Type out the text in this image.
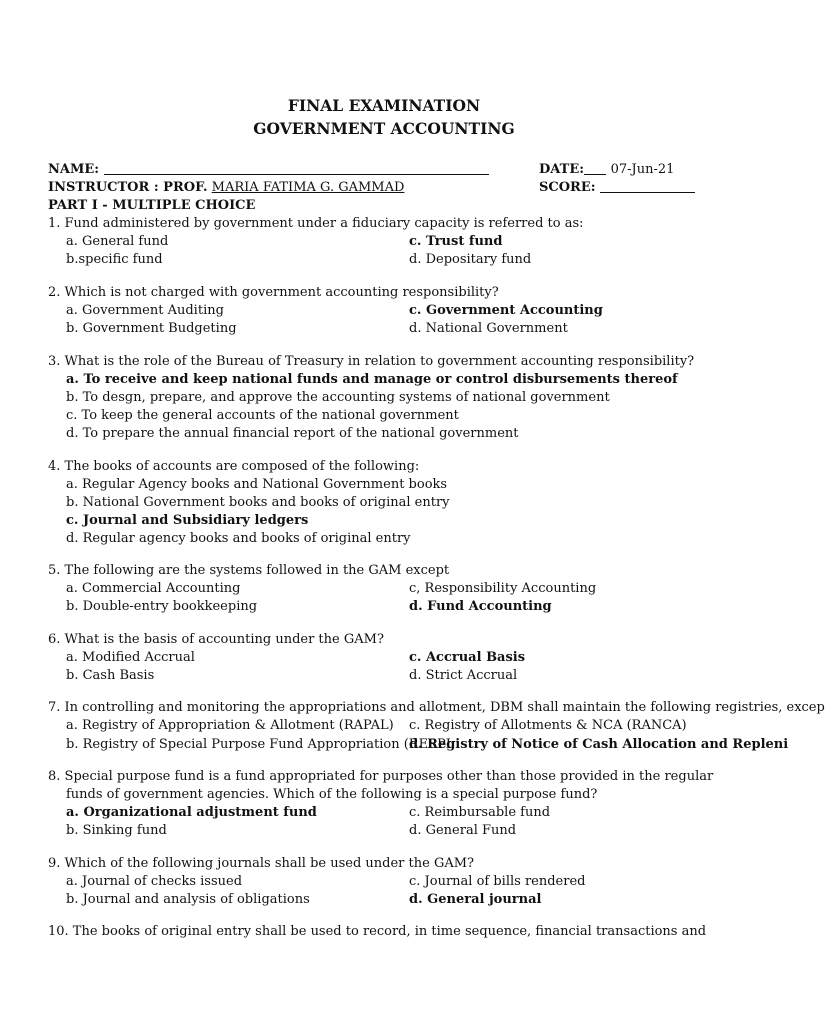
FINAL EXAMINATION
GOVERNMENT ACCOUNTING
NAME:	DATE: 07-Jun-21
INSTRUCTOR : PROF. MARIA FATIMA G. GAMMAD	SCORE:
PART I - MULTIPLE CHOICE
1. Fund administered by government under a fiduciary capacity is referred to as:
a. General fund
b.specific fund
c. Trust fund
d. Depositary fund
2. Which is not charged with government accounting responsibility?
a. Government Auditing
b. Government Budgeting
c. Government Accounting
d. National Government
3. What is the role of the Bureau of Treasury in relation to government accounting responsibility?
a. To receive and keep national funds and manage or control disbursements thereof
b. To desgn, prepare, and approve the accounting systems of national government
c. To keep the general accounts of the national government
d. To prepare the annual financial report of the national government
4. The books of accounts are composed of the following:
a. Regular Agency books and National Government books
b. National Government books and books of original entry
c. Journal and Subsidiary ledgers
d. Regular agency books and books of original entry
5. The following are the systems followed in the GAM except
a. Commercial Accounting
b. Double-entry bookkeeping
c, Responsibility Accounting
d. Fund Accounting
6. What is the basis of accounting under the GAM?
a. Modified Accrual
b. Cash Basis
c. Accrual Basis
d. Strict Accrual
7. In controlling and monitoring the appropriations and allotment, DBM shall maintain the following registries, excep
a. Registry of Appropriation & Allotment (RAPAL)
b. Registry of Special Purpose Fund Appropriation (RESPI
c. Registry of Allotments & NCA (RANCA)
d. Registry of Notice of Cash Allocation and Repleni
8. Special purpose fund is a fund appropriated for purposes other than those provided in the regular
funds of government agencies. Which of the following is a special purpose fund?
a. Organizational adjustment fund
b. Sinking fund
c. Reimbursable fund
d. General Fund
9. Which of the following journals shall be used under the GAM?
a. Journal of checks issued
b. Journal and analysis of obligations
c. Journal of bills rendered
d. General journal
10. The books of original entry shall be used to record, in time sequence, financial transactions and
